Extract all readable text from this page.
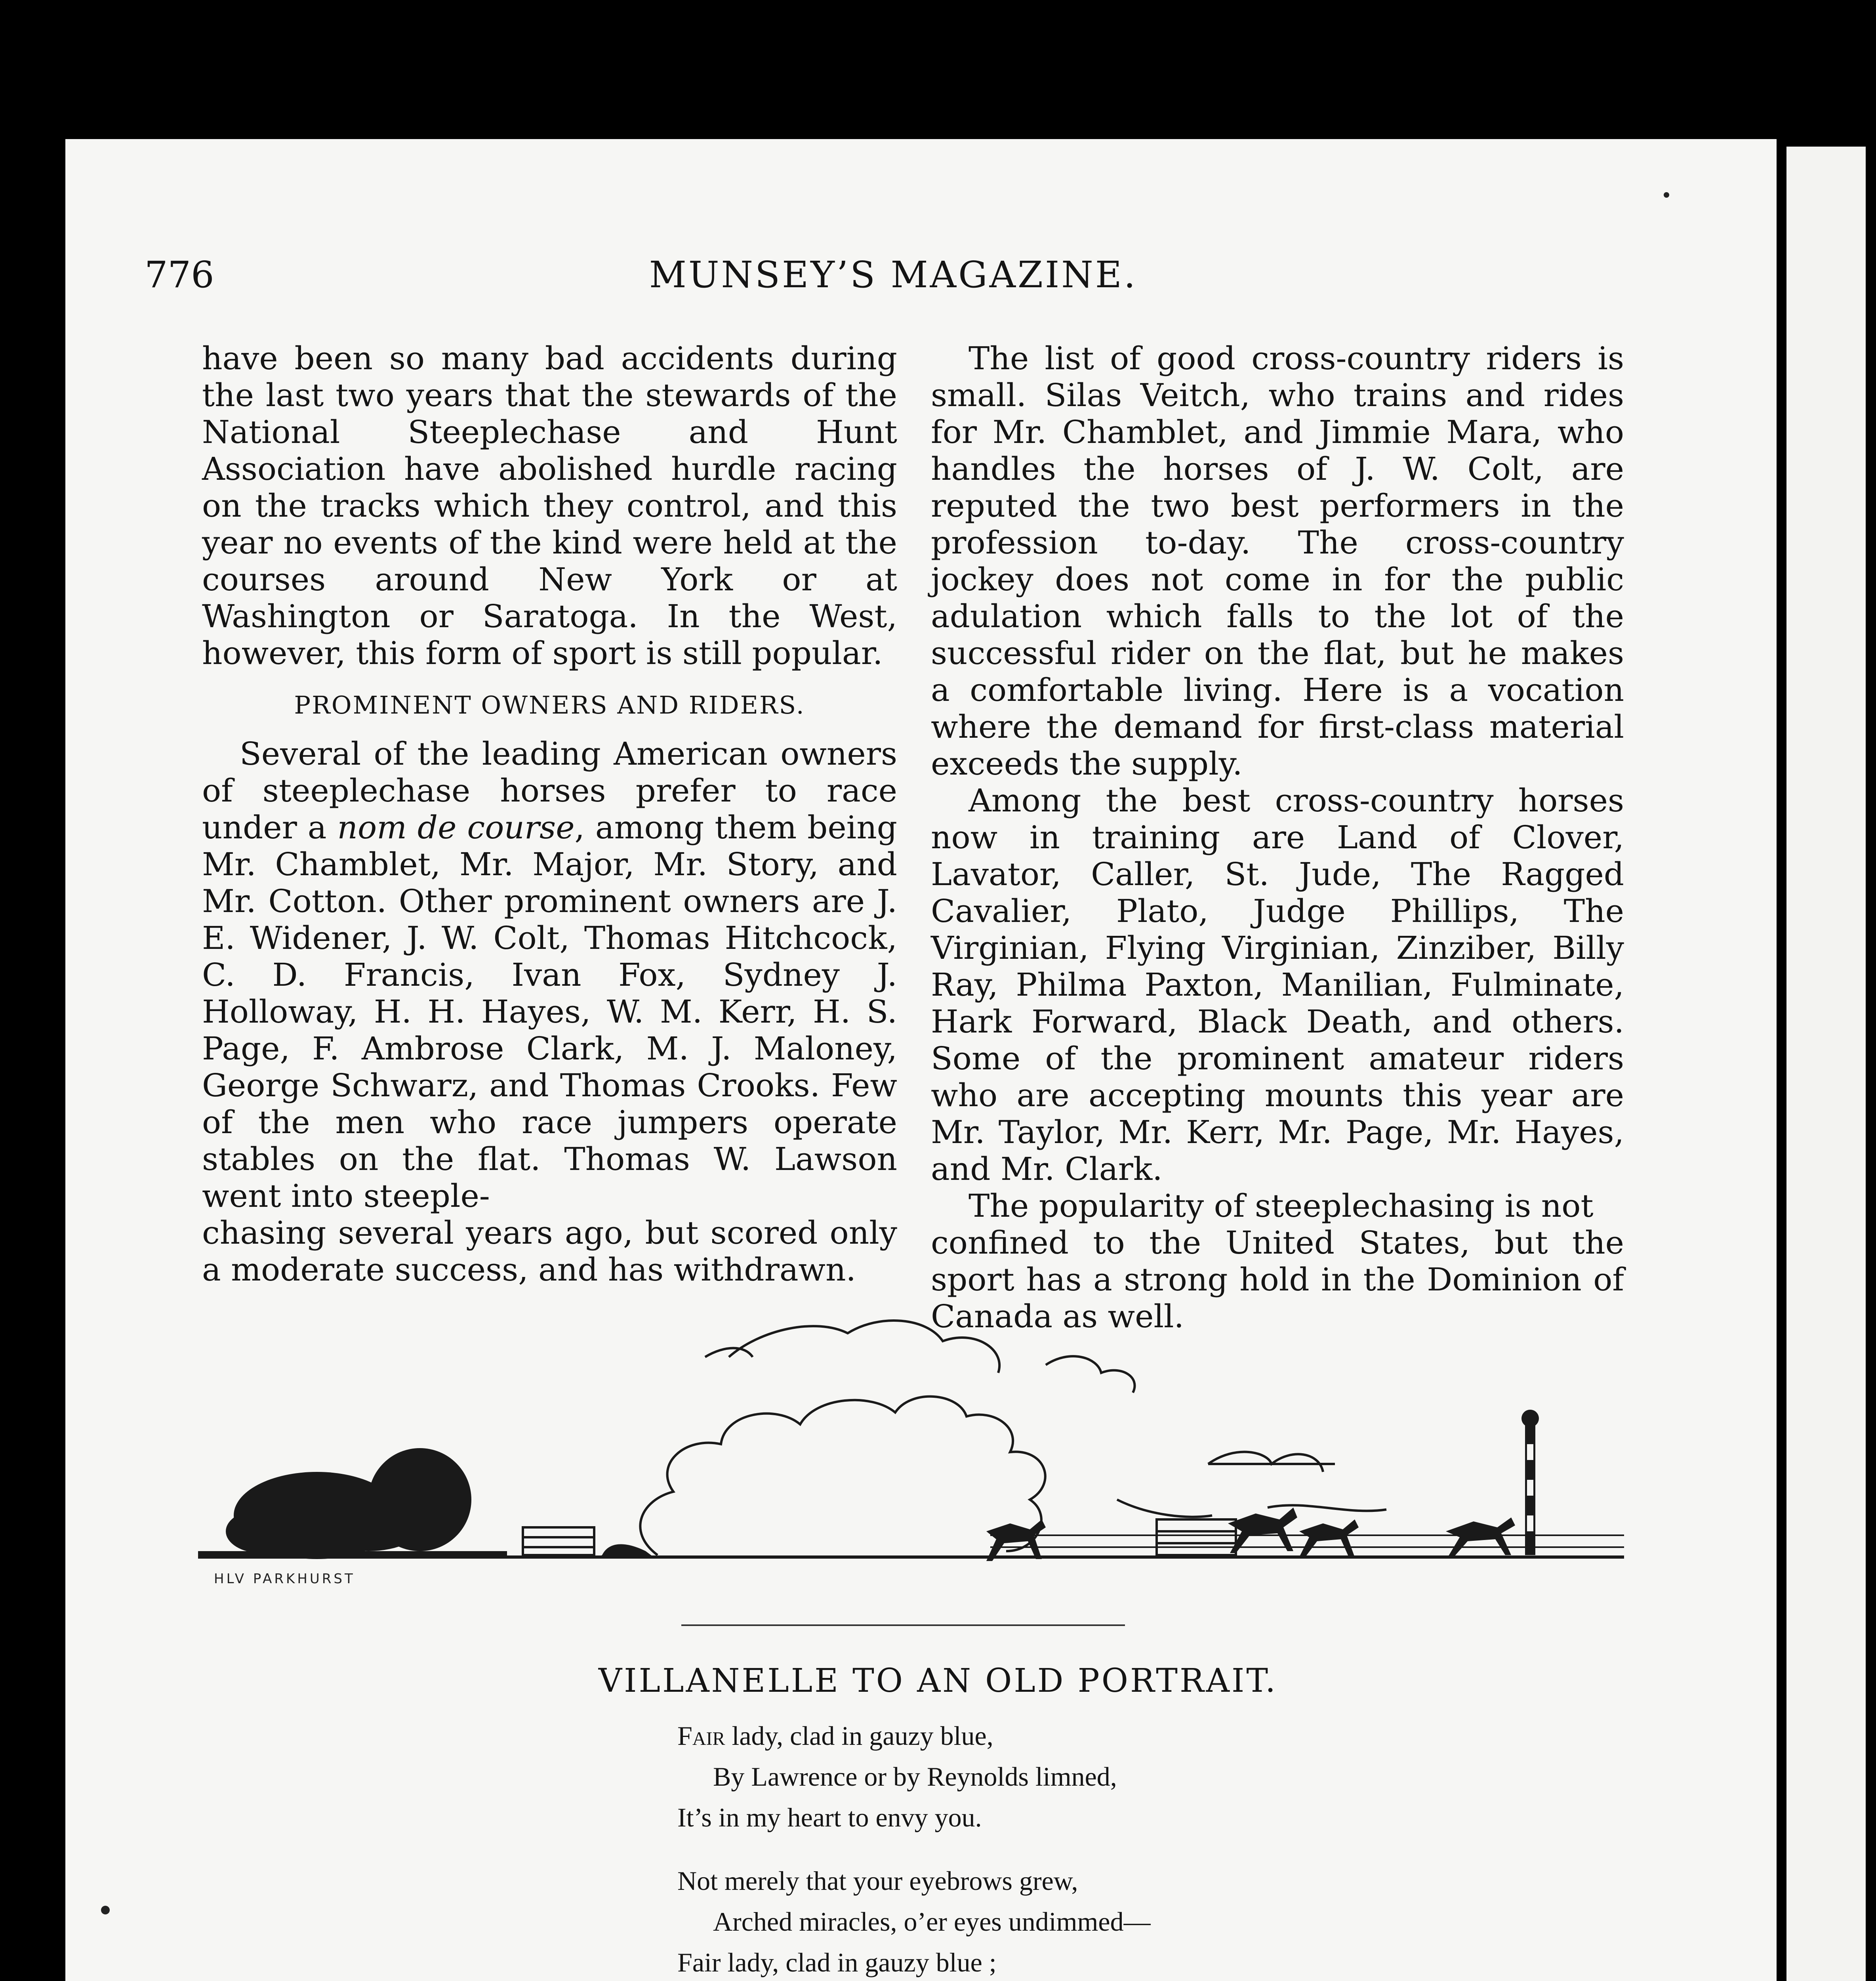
776	MUNSEY’S MAGAZINE.

have been so many bad accidents during the last two years that the stewards of the National Steeplechase and Hunt Association have abolished hurdle racing on the tracks which they control, and this year no events of the kind were held at the courses around New York or at Washington or Saratoga. In the West, however, this form of sport is still popular.

PROMINENT OWNERS AND RIDERS.

Several of the leading American owners of steeplechase horses prefer to race under a nom de course, among them being Mr. Chamblet, Mr. Major, Mr. Story, and Mr. Cotton. Other prominent owners are J. E. Widener, J. W. Colt, Thomas Hitchcock, C. D. Francis, Ivan Fox, Sydney J. Holloway, H. H. Hayes, W. M. Kerr, H. S. Page, F. Ambrose Clark, M. J. Maloney, George Schwarz, and Thomas Crooks. Few of the men who race jumpers operate stables on the flat. Thomas W. Lawson went into steeple-

chasing several years ago, but scored only a moderate success, and has withdrawn.

The list of good cross-country riders is small. Silas Veitch, who trains and rides for Mr. Chamblet, and Jimmie Mara, who handles the horses of J. W. Colt, are reputed the two best performers in the profession to-day. The cross-country jockey does not come in for the public adulation which falls to the lot of the successful rider on the flat, but he makes a comfortable living. Here is a vocation where the demand for first-class material exceeds the supply.

Among the best cross-country horses now in training are Land of Clover, Lavator, Caller, St. Jude, The Ragged Cavalier, Plato, Judge Phillips, The Virginian, Flying Virginian, Zinziber, Billy Ray, Philma Paxton, Manilian, Fulminate, Hark Forward, Black Death, and others. Some of the prominent amateur riders who are accepting mounts this year are Mr. Taylor, Mr. Kerr, Mr. Page, Mr. Hayes, and Mr. Clark.

The popularity of steeplechasing is not

confined to the United States, but the sport has a strong hold in the Dominion of Canada as well.

HLV PARKHURST
VILLANELLE TO AN OLD PORTRAIT.
Fair lady, clad in gauzy blue,
By Lawrence or by Reynolds limned,
It’s in my heart to envy you.
Not merely that your eyebrows grew,
Arched miracles, o’er eyes undimmed—
Fair lady, clad in gauzy blue ;
